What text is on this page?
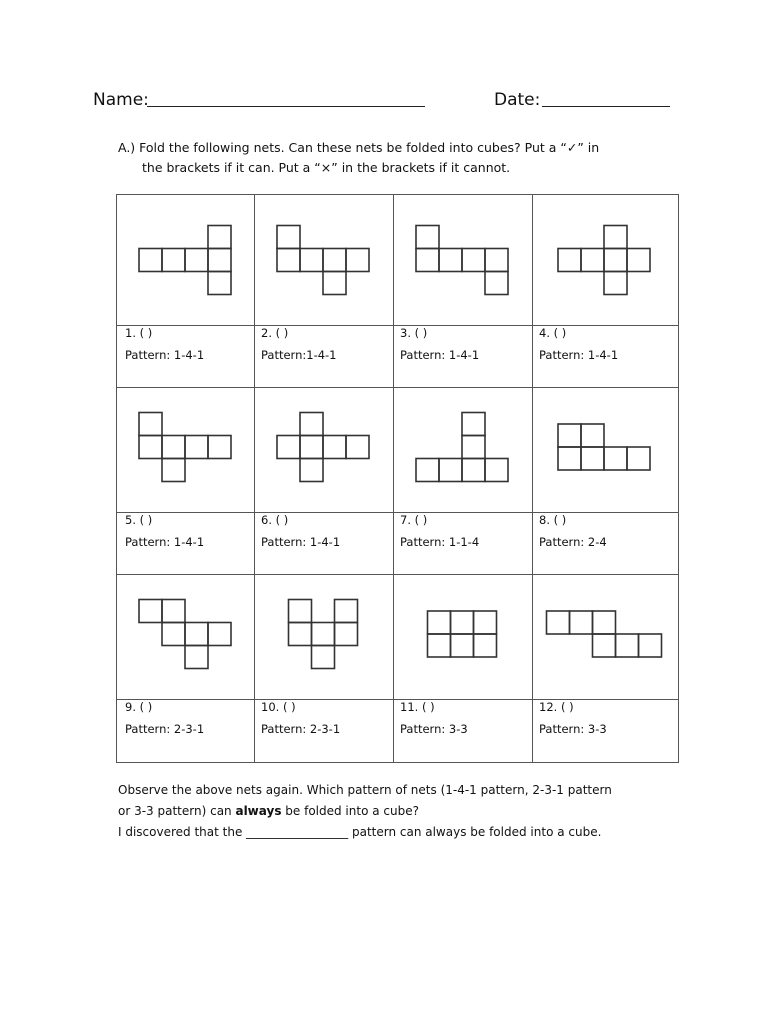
Name:	Date:
A.) Fold the following nets. Can these nets be folded into cubes? Put a “✓” in
the brackets if it can. Put a “×” in the brackets if it cannot.
1. ( )
Pattern: 1-4-1
2. ( )
Pattern:1-4-1
3. ( )
Pattern: 1-4-1
4. ( )
Pattern: 1-4-1
5. ( )
Pattern: 1-4-1
6. ( )
Pattern: 1-4-1
7. ( )
Pattern: 1-1-4
8. ( )
Pattern: 2-4
9. ( )
Pattern: 2-3-1
10. ( )
Pattern: 2-3-1
11. ( )
Pattern: 3-3
12. ( )
Pattern: 3-3
Observe the above nets again. Which pattern of nets (1-4-1 pattern, 2-3-1 pattern
or 3-3 pattern) can always be folded into a cube?
I discovered that the _________________ pattern can always be folded into a cube.
